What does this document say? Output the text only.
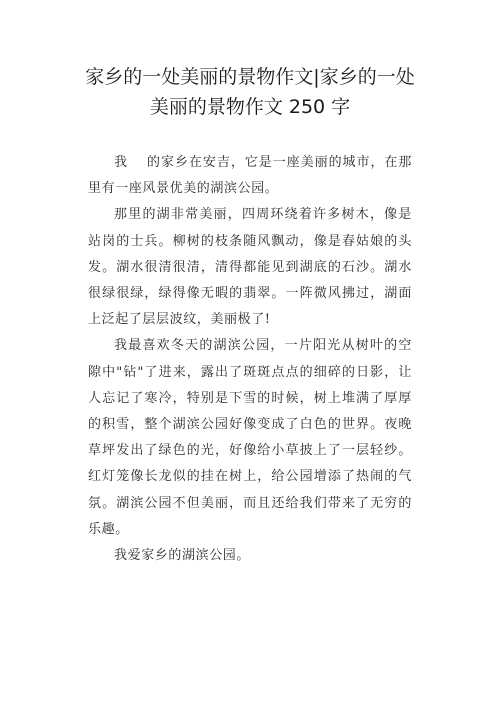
家乡的一处美丽的景物作文|家乡的一处
美丽的景物作文 250 字

我　 的家乡在安吉，它是一座美丽的城市，在那里有一座风景优美的湖滨公园。

那里的湖非常美丽，四周环绕着许多树木，像是站岗的士兵。柳树的枝条随风飘动，像是春姑娘的头发。湖水很清很清，清得都能见到湖底的石沙。湖水很绿很绿，绿得像无暇的翡翠。一阵微风拂过，湖面上泛起了层层波纹，美丽极了!

我最喜欢冬天的湖滨公园，一片阳光从树叶的空隙中"钻"了进来，露出了斑斑点点的细碎的日影，让人忘记了寒冷，特别是下雪的时候，树上堆满了厚厚的积雪，整个湖滨公园好像变成了白色的世界。夜晚草坪发出了绿色的光，好像给小草披上了一层轻纱。红灯笼像长龙似的挂在树上，给公园增添了热闹的气氛。湖滨公园不但美丽，而且还给我们带来了无穷的乐趣。

我爱家乡的湖滨公园。
